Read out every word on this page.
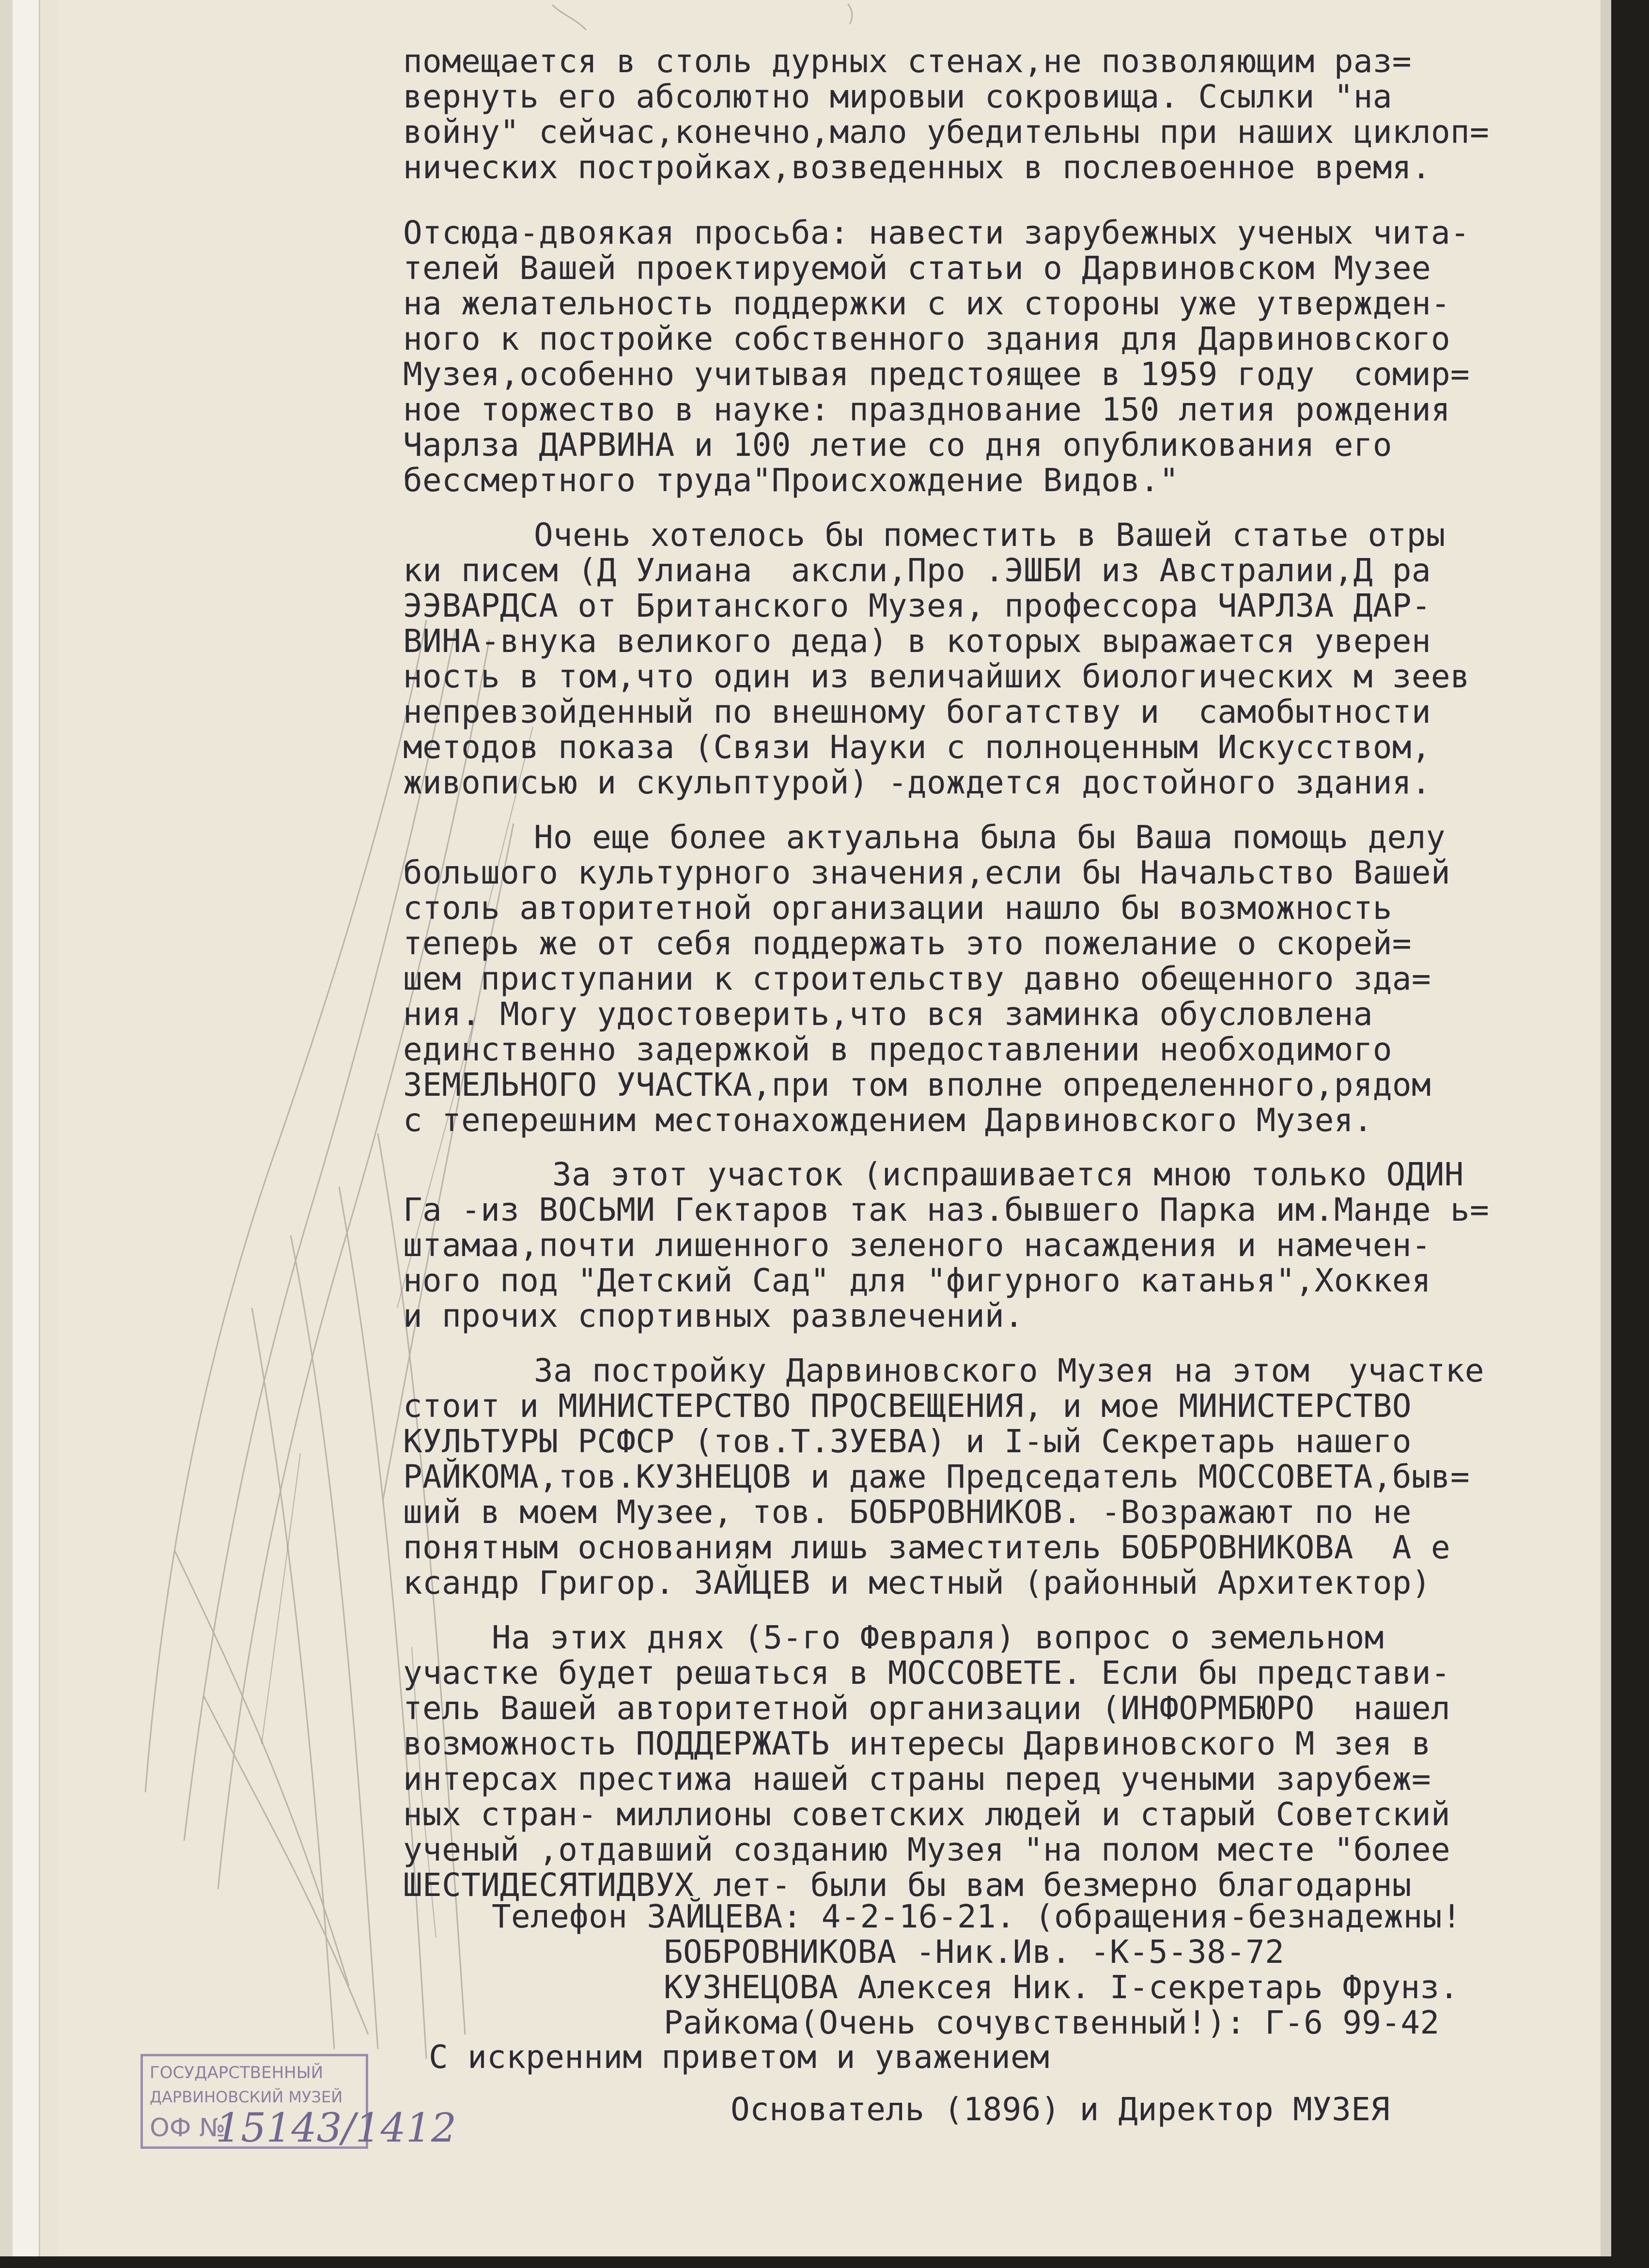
помещается в столь дурных стенах,не позволяющим раз=

вернуть его абсолютно мировыи сокровища. Ссылки "на

войну" сейчас,конечно,мало убедительны при наших циклоп=

нических постройках,возведенных в послевоенное время.

Отсюда-двоякая просьба: навести зарубежных ученых чита-

телей Вашей проектируемой статьи о Дарвиновском Музее

на желательность поддержки с их стороны уже утвержден-

ного к постройке собственного здания для Дарвиновского

Музея,особенно учитывая предстоящее в 1959 году  сомир=

ное торжество в науке: празднование 150 летия рождения

Чарлза ДАРВИНА и 100 летие со дня опубликования его

бессмертного труда"Происхождение Видов."

Очень хотелось бы поместить в Вашей статье отры

ки писем (Д Улиана  аксли,Про .ЭШБИ из Австралии,Д ра

ЭЭВАРДСА от Британского Музея, профессора ЧАРЛЗА ДАР-

ВИНА-внука великого деда) в которых выражается уверен

ность в том,что один из величайших биологических м зеев

непревзойденный по внешному богатству и  самобытности

методов показа (Связи Науки с полноценным Искусством,

живописью и скульптурой) -дождется достойного здания.

Но еще более актуальна была бы Ваша помощь делу

большого культурного значения,если бы Начальство Вашей

столь авторитетной организации нашло бы возможность

теперь же от себя поддержать это пожелание о скорей=

шем приступании к строительству давно обещенного зда=

ния. Могу удостоверить,что вся заминка обусловлена

единственно задержкой в предоставлении необходимого

ЗЕМЕЛЬНОГО УЧАСТКА,при том вполне определенного,рядом

с теперешним местонахождением Дарвиновского Музея.

За этот участок (испрашивается мною только ОДИН

Га -из ВОСЬМИ Гектаров так наз.бывшего Парка им.Манде ь=

штамаа,почти лишенного зеленого насаждения и намечен-

ного под "Детский Сад" для "фигурного катанья",Хоккея

и прочих спортивных развлечений.

За постройку Дарвиновского Музея на этом  участке

стоит и МИНИСТЕРСТВО ПРОСВЕЩЕНИЯ, и мое МИНИСТЕРСТВО

КУЛЬТУРЫ РСФСР (тов.Т.ЗУЕВА) и I-ый Секретарь нашего

РАЙКОМА,тов.КУЗНЕЦОВ и даже Председатель МОССОВЕТА,быв=

ший в моем Музее, тов. БОБРОВНИКОВ. -Возражают по не

понятным основаниям лишь заместитель БОБРОВНИКОВА  А е

ксандр Григор. ЗАЙЦЕВ и местный (районный Архитектор)

На этих днях (5-го Февраля) вопрос о земельном

участке будет решаться в МОССОВЕТЕ. Если бы представи-

тель Вашей авторитетной организации (ИНФОРМБЮРО  нашел

возможность ПОДДЕРЖАТЬ интересы Дарвиновского М зея в

интерсах престижа нашей страны перед учеными зарубеж=

ных стран- миллионы советских людей и старый Советский

ученый ,отдавший созданию Музея "на полом месте "более

ШЕСТИДЕСЯТИДВУХ лет- были бы вам безмерно благодарны

Телефон ЗАЙЦЕВА: 4-2-16-21. (обращения-безнадежны!

БОБРОВНИКОВА -Ник.Ив. -К-5-38-72

КУЗНЕЦОВА Алексея Ник. I-секретарь Фрунз.

Райкома(Очень сочувственный!): Г-6 99-42

С искренним приветом и уважением

Основатель (1896) и Директор МУЗЕЯ

ГОСУДАРСТВЕННЫЙ
ДАРВИНОВСКИЙ МУЗЕЙ
ОФ №
15143/1412
